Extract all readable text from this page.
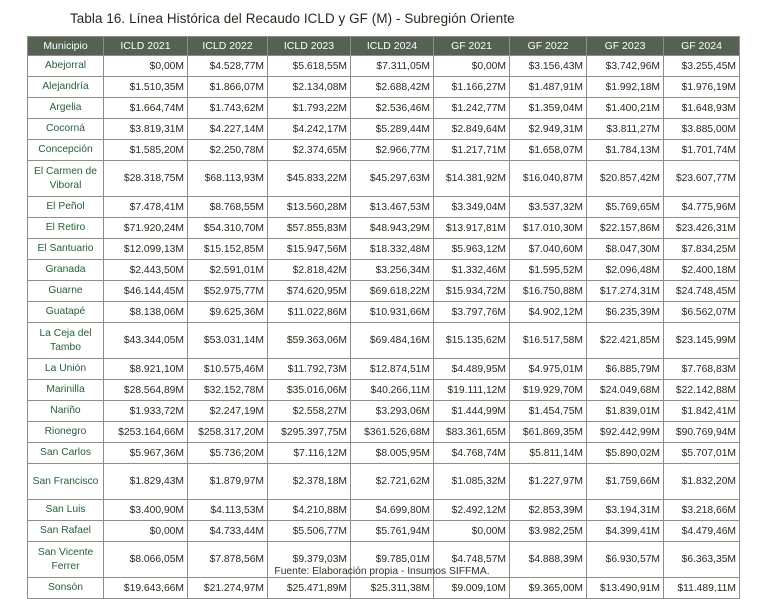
Tabla 16. Línea Histórica del Recaudo ICLD y GF (M) - Subregión Oriente
Municipio	ICLD 2021	ICLD 2022	ICLD 2023	ICLD 2024	GF 2021	GF 2022	GF 2023	GF 2024
Abejorral	$0,00M	$4.528,77M	$5.618,55M	$7.311,05M	$0,00M	$3.156,43M	$3.742,96M	$3.255,45M
Alejandría	$1.510,35M	$1.866,07M	$2.134,08M	$2.688,42M	$1.166,27M	$1.487,91M	$1.992,18M	$1.976,19M
Argelia	$1.664,74M	$1.743,62M	$1.793,22M	$2.536,46M	$1.242,77M	$1.359,04M	$1.400,21M	$1.648,93M
Cocorná	$3.819,31M	$4.227,14M	$4.242,17M	$5.289,44M	$2.849,64M	$2.949,31M	$3.811,27M	$3.885,00M
Concepción	$1.585,20M	$2.250,78M	$2.374,65M	$2.966,77M	$1.217,71M	$1.658,07M	$1.784,13M	$1.701,74M
El Carmen de Viboral	$28.318,75M	$68.113,93M	$45.833,22M	$45.297,63M	$14.381,92M	$16.040,87M	$20.857,42M	$23.607,77M
El Peñol	$7.478,41M	$8.768,55M	$13.560,28M	$13.467,53M	$3.349,04M	$3.537,32M	$5.769,65M	$4.775,96M
El Retiro	$71.920,24M	$54.310,70M	$57.855,83M	$48.943,29M	$13.917,81M	$17.010,30M	$22.157,86M	$23.426,31M
El Santuario	$12.099,13M	$15.152,85M	$15.947,56M	$18.332,48M	$5.963,12M	$7.040,60M	$8.047,30M	$7.834,25M
Granada	$2.443,50M	$2.591,01M	$2.818,42M	$3.256,34M	$1.332,46M	$1.595,52M	$2.096,48M	$2.400,18M
Guarne	$46.144,45M	$52.975,77M	$74.620,95M	$69.618,22M	$15.934,72M	$16.750,88M	$17.274,31M	$24.748,45M
Guatapé	$8.138,06M	$9.625,36M	$11.022,86M	$10.931,66M	$3.797,76M	$4.902,12M	$6.235,39M	$6.562,07M
La Ceja del Tambo	$43.344,05M	$53.031,14M	$59.363,06M	$69.484,16M	$15.135,62M	$16.517,58M	$22.421,85M	$23.145,99M
La Unión	$8.921,10M	$10.575,46M	$11.792,73M	$12.874,51M	$4.489,95M	$4.975,01M	$6.885,79M	$7.768,83M
Marinilla	$28.564,89M	$32.152,78M	$35.016,06M	$40.266,11M	$19.111,12M	$19.929,70M	$24.049,68M	$22.142,88M
Nariño	$1.933,72M	$2.247,19M	$2.558,27M	$3.293,06M	$1.444,99M	$1.454,75M	$1.839,01M	$1.842,41M
Rionegro	$253.164,66M	$258.317,20M	$295.397,75M	$361.526,68M	$83.361,65M	$61.869,35M	$92.442,99M	$90.769,94M
San Carlos	$5.967,36M	$5.736,20M	$7.116,12M	$8.005,95M	$4.768,74M	$5.811,14M	$5.890,02M	$5.707,01M
San Francisco	$1.829,43M	$1.879,97M	$2.378,18M	$2.721,62M	$1.085,32M	$1.227,97M	$1.759,66M	$1.832,20M
San Luis	$3.400,90M	$4.113,53M	$4.210,88M	$4.699,80M	$2.492,12M	$2.853,39M	$3.194,31M	$3.218,66M
San Rafael	$0,00M	$4.733,44M	$5.506,77M	$5.761,94M	$0,00M	$3.982,25M	$4.399,41M	$4.479,46M
San Vicente Ferrer	$8.066,05M	$7.878,56M	$9.379,03M	$9.785,01M	$4.748,57M	$4.888,39M	$6.930,57M	$6.363,35M
Sonsón	$19.643,66M	$21.274,97M	$25.471,89M	$25.311,38M	$9.009,10M	$9.365,00M	$13.490,91M	$11.489,11M
Fuente: Elaboración propia - Insumos SIFFMA.
